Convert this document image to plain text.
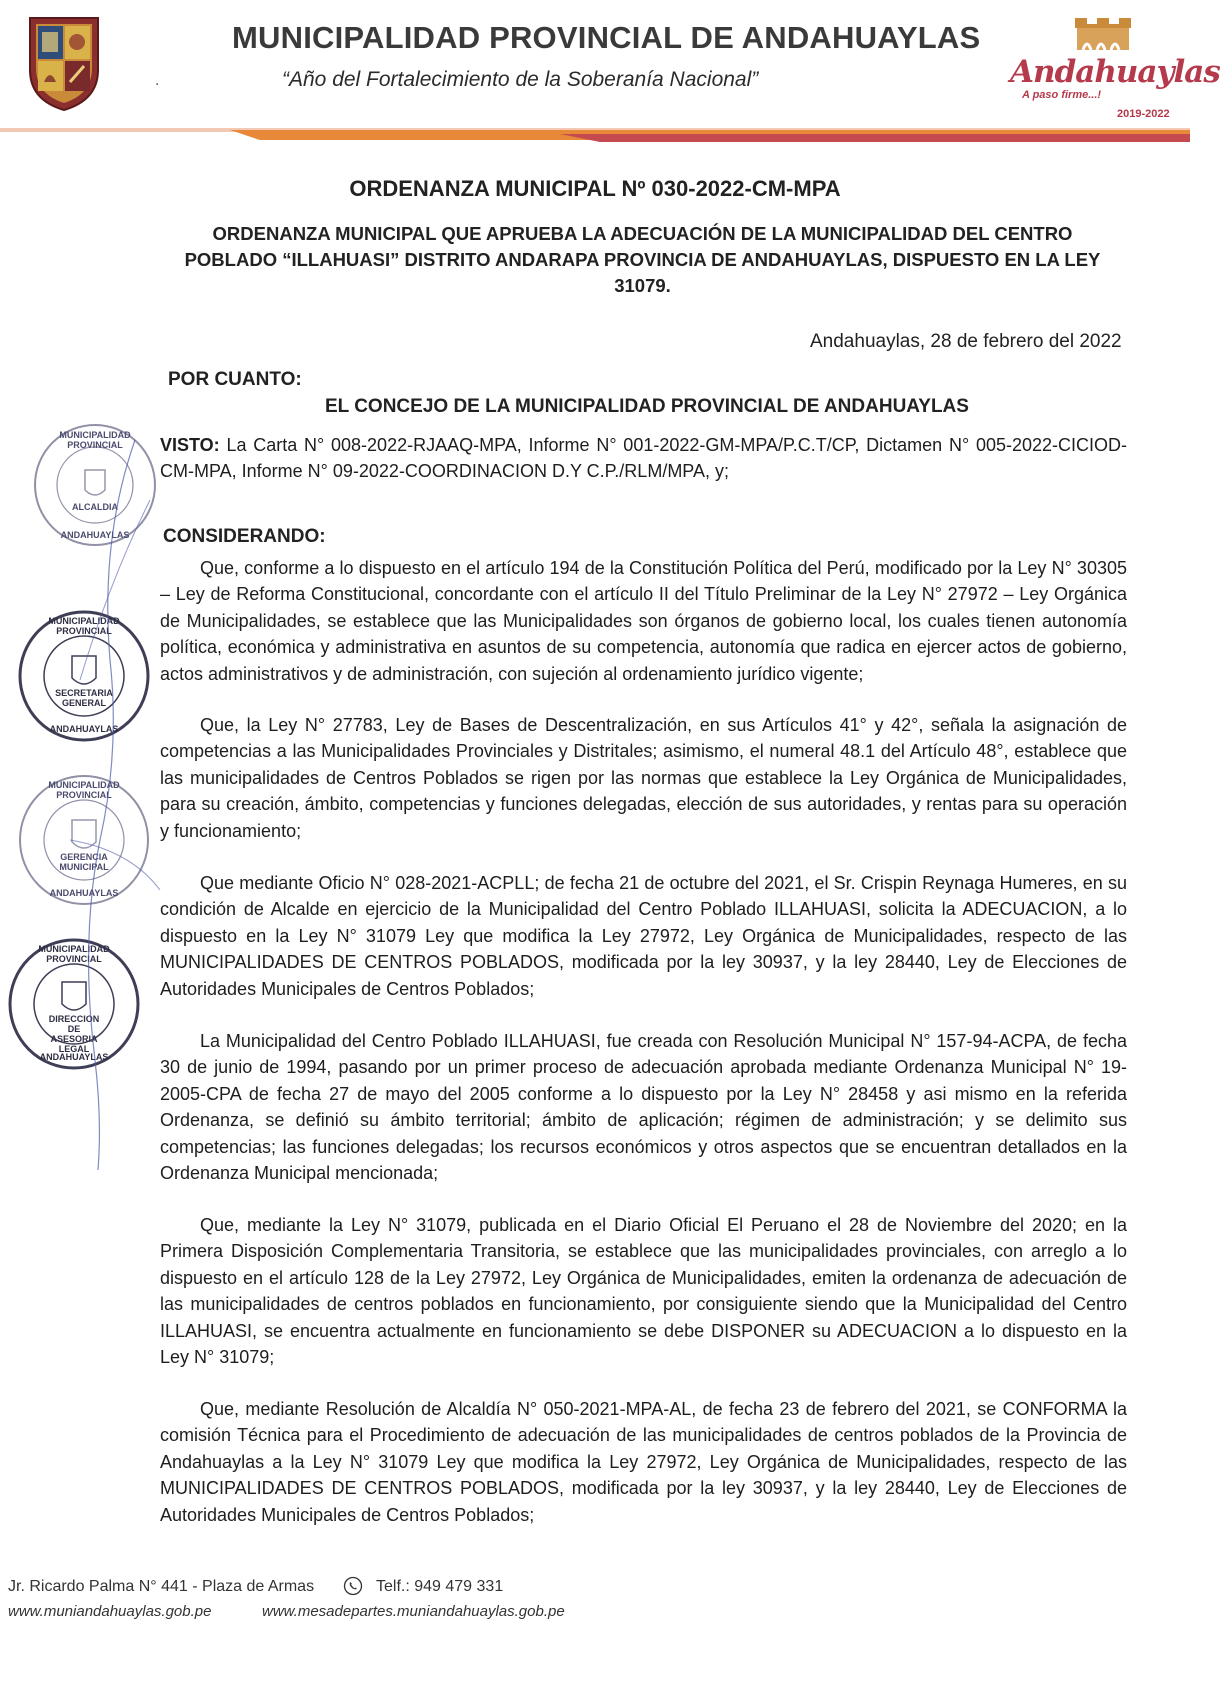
MUNICIPALIDAD PROVINCIAL DE ANDAHUAYLAS
.	“Año del Fortalecimiento de la Soberanía Nacional”	Andahuaylas
A paso firme...!
2019-2022
ORDENANZA MUNICIPAL Nº 030-2022-CM-MPA
ORDENANZA MUNICIPAL QUE APRUEBA LA ADECUACIÓN DE LA MUNICIPALIDAD DEL CENTRO POBLADO “ILLAHUASI” DISTRITO ANDARAPA PROVINCIA DE ANDAHUAYLAS, DISPUESTO EN LA LEY 31079.
Andahuaylas, 28 de febrero del 2022
POR CUANTO:
EL CONCEJO DE LA MUNICIPALIDAD PROVINCIAL DE ANDAHUAYLAS
VISTO: La Carta N° 008-2022-RJAAQ-MPA, Informe N° 001-2022-GM-MPA/P.C.T/CP, Dictamen N° 005-2022-CICIOD-CM-MPA, Informe N° 09-2022-COORDINACION D.Y C.P./RLM/MPA, y;
CONSIDERANDO:
Que, conforme a lo dispuesto en el artículo 194 de la Constitución Política del Perú, modificado por la Ley N° 30305 – Ley de Reforma Constitucional, concordante con el artículo II del Título Preliminar de la Ley N° 27972 – Ley Orgánica de Municipalidades, se establece que las Municipalidades son órganos de gobierno local, los cuales tienen autonomía política, económica y administrativa en asuntos de su competencia, autonomía que radica en ejercer actos de gobierno, actos administrativos y de administración, con sujeción al ordenamiento jurídico vigente;
Que, la Ley N° 27783, Ley de Bases de Descentralización, en sus Artículos 41° y 42°, señala la asignación de competencias a las Municipalidades Provinciales y Distritales; asimismo, el numeral 48.1 del Artículo 48°, establece que las municipalidades de Centros Poblados se rigen por las normas que establece la Ley Orgánica de Municipalidades, para su creación, ámbito, competencias y funciones delegadas, elección de sus autoridades, y rentas para su operación y funcionamiento;
Que mediante Oficio N° 028-2021-ACPLL; de fecha 21 de octubre del 2021, el Sr. Crispin Reynaga Humeres, en su condición de Alcalde en ejercicio de la Municipalidad del Centro Poblado ILLAHUASI, solicita la ADECUACION, a lo dispuesto en la Ley N° 31079 Ley que modifica la Ley 27972, Ley Orgánica de Municipalidades, respecto de las MUNICIPALIDADES DE CENTROS POBLADOS, modificada por la ley 30937, y la ley 28440, Ley de Elecciones de Autoridades Municipales de Centros Poblados;
La Municipalidad del Centro Poblado ILLAHUASI, fue creada con Resolución Municipal N° 157-94-ACPA, de fecha 30 de junio de 1994, pasando por un primer proceso de adecuación aprobada mediante Ordenanza Municipal N° 19-2005-CPA de fecha 27 de mayo del 2005 conforme a lo dispuesto por la Ley N° 28458 y asi mismo en la referida Ordenanza, se definió su ámbito territorial; ámbito de aplicación; régimen de administración; y se delimito sus competencias; las funciones delegadas; los recursos económicos y otros aspectos que se encuentran detallados en la Ordenanza Municipal mencionada;
Que, mediante la Ley N° 31079, publicada en el Diario Oficial El Peruano el 28 de Noviembre del 2020; en la Primera Disposición Complementaria Transitoria, se establece que las municipalidades provinciales, con arreglo a lo dispuesto en el artículo 128 de la Ley 27972, Ley Orgánica de Municipalidades, emiten la ordenanza de adecuación de las municipalidades de centros poblados en funcionamiento, por consiguiente siendo que la Municipalidad del Centro ILLAHUASI, se encuentra actualmente en funcionamiento se debe DISPONER su ADECUACION a lo dispuesto en la Ley N° 31079;
Que, mediante Resolución de Alcaldía N° 050-2021-MPA-AL, de fecha 23 de febrero del 2021, se CONFORMA la comisión Técnica para el Procedimiento de adecuación de las municipalidades de centros poblados de la Provincia de Andahuaylas a la Ley N° 31079 Ley que modifica la Ley 27972, Ley Orgánica de Municipalidades, respecto de las MUNICIPALIDADES DE CENTROS POBLADOS, modificada por la ley 30937, y la ley 28440, Ley de Elecciones de Autoridades Municipales de Centros Poblados;
MUNICIPALIDAD PROVINCIAL
ALCALDIA
ANDAHUAYLAS
MUNICIPALIDAD PROVINCIAL
SECRETARIA GENERAL
ANDAHUAYLAS
MUNICIPALIDAD PROVINCIAL
GERENCIA MUNICIPAL
ANDAHUAYLAS
MUNICIPALIDAD PROVINCIAL
DIRECCION DE ASESORIA LEGAL
ANDAHUAYLAS
Jr. Ricardo Palma N° 441 - Plaza de Armas	Telf.: 949 479 331
www.muniandahuaylas.gob.pe	www.mesadepartes.muniandahuaylas.gob.pe
